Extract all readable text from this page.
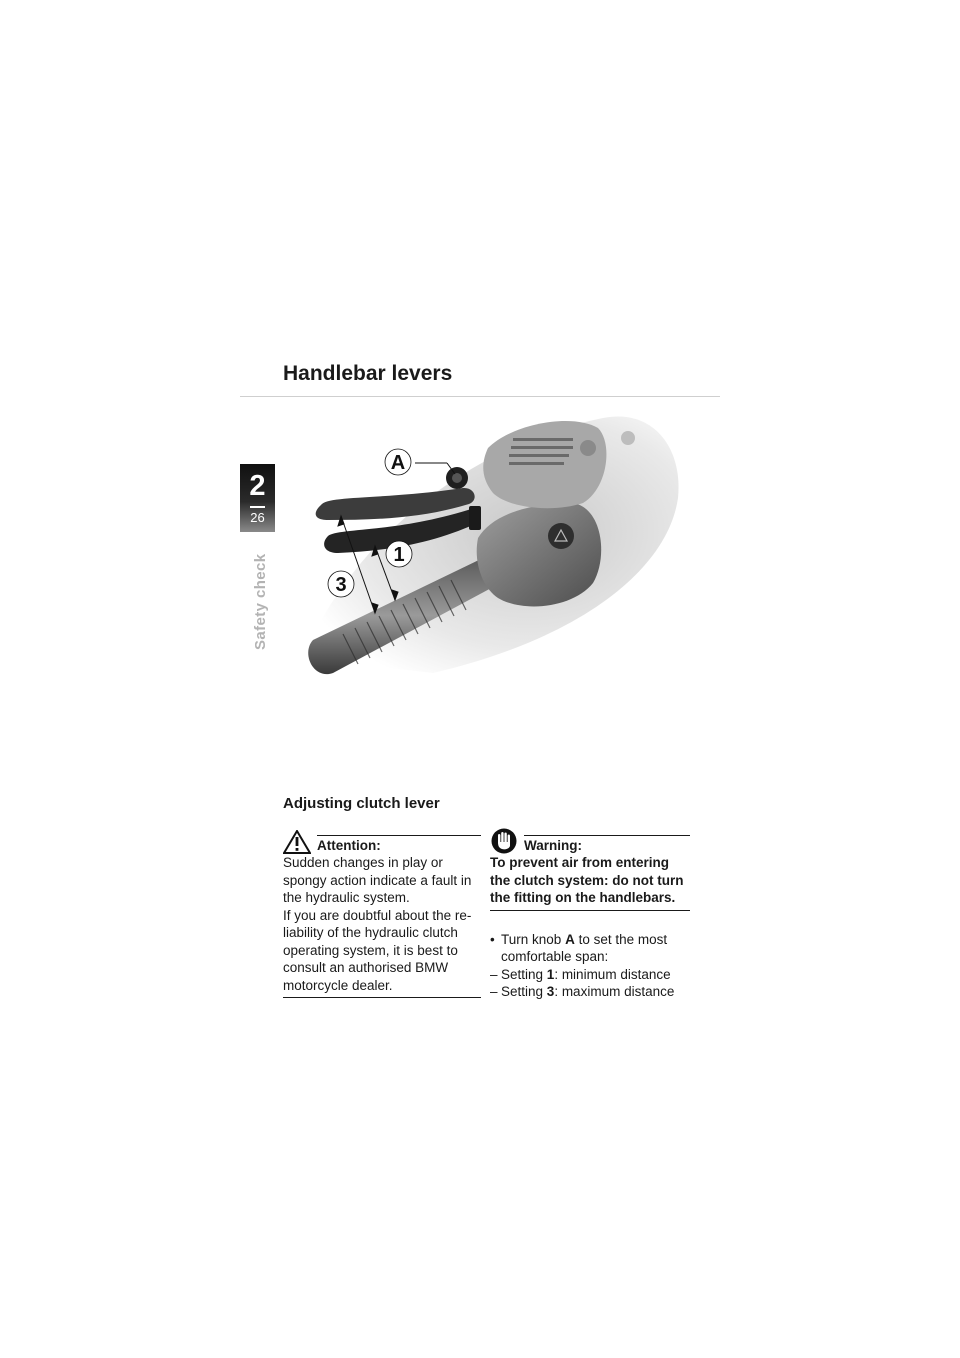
Handlebar levers
2
26
Safety check
A
1
3
Adjusting clutch lever
Attention:
Sudden changes in play or
spongy action indicate a fault in
the hydraulic system.
If you are doubtful about the re-
liability of the hydraulic clutch
operating system, it is best to
consult an authorised BMW
motorcycle dealer.
Warning:
To prevent air from entering
the clutch system: do not turn
the fitting on the handlebars.
• Turn knob A to set the most
comfortable span:
– Setting 1: minimum distance
– Setting 3: maximum distance
